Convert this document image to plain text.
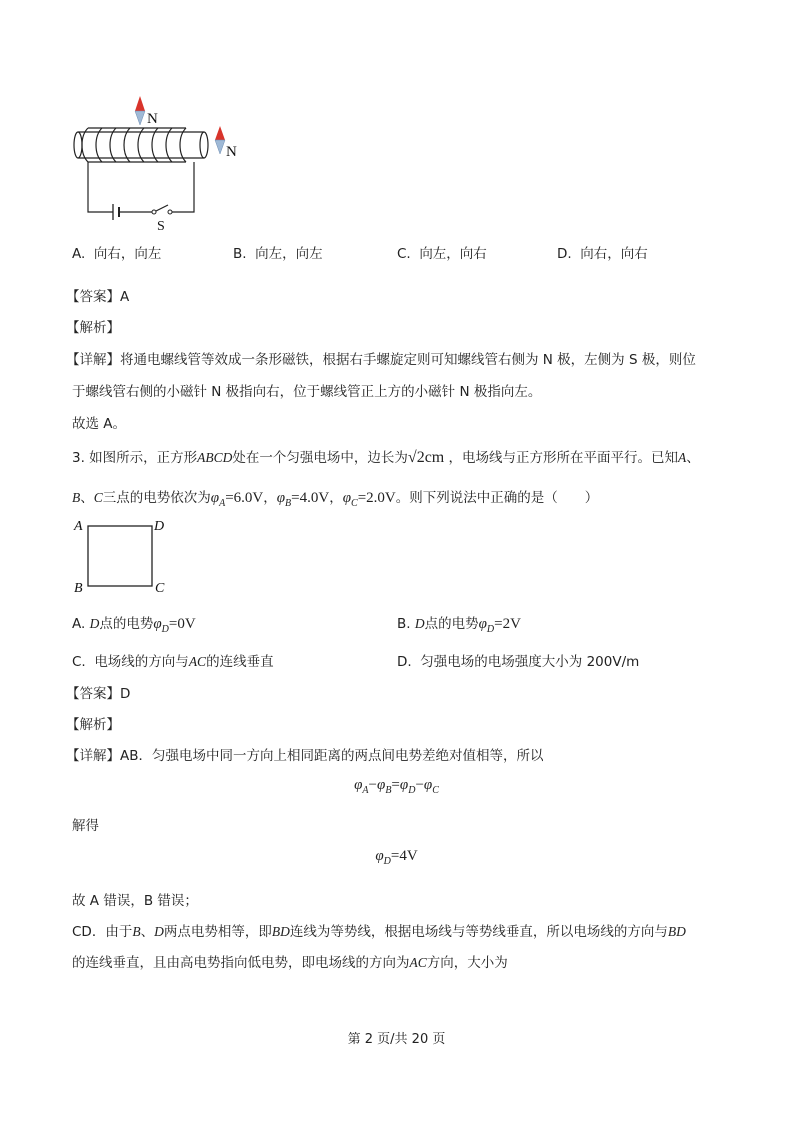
N
N
S
A. 向右，向左	B. 向左，向左	C. 向左，向右	D. 向右，向右
【答案】A
【解析】
【详解】将通电螺线管等效成一条形磁铁，根据右手螺旋定则可知螺线管右侧为 N 极，左侧为 S 极，则位
于螺线管右侧的小磁针 N 极指向右，位于螺线管正上方的小磁针 N 极指向左。
故选 A。
3. 如图所示，正方形ABCD处在一个匀强电场中，边长为√2cm ，电场线与正方形所在平面平行。已知A、
B、C三点的电势依次为$\varphi_A=6.0V$，$\varphi_B=4.0V$，$\varphi_C=2.0V$。则下列说法中正确的是（　　）
A	D
B	C
A. D点的电势$\varphi_D=0V$	B. D点的电势$\varphi_D=2V$
C. 电场线的方向与AC的连线垂直	D. 匀强电场的电场强度大小为 200V/m
【答案】D
【解析】
【详解】AB．匀强电场中同一方向上相同距离的两点间电势差绝对值相等，所以
$\varphi_A-\varphi_B=\varphi_D-\varphi_C$
解得
$\varphi_D=4V$
故 A 错误，B 错误；
CD．由于B、D两点电势相等，即BD连线为等势线，根据电场线与等势线垂直，所以电场线的方向与BD
的连线垂直，且由高电势指向低电势，即电场线的方向为AC方向，大小为
第 2 页/共 20 页
